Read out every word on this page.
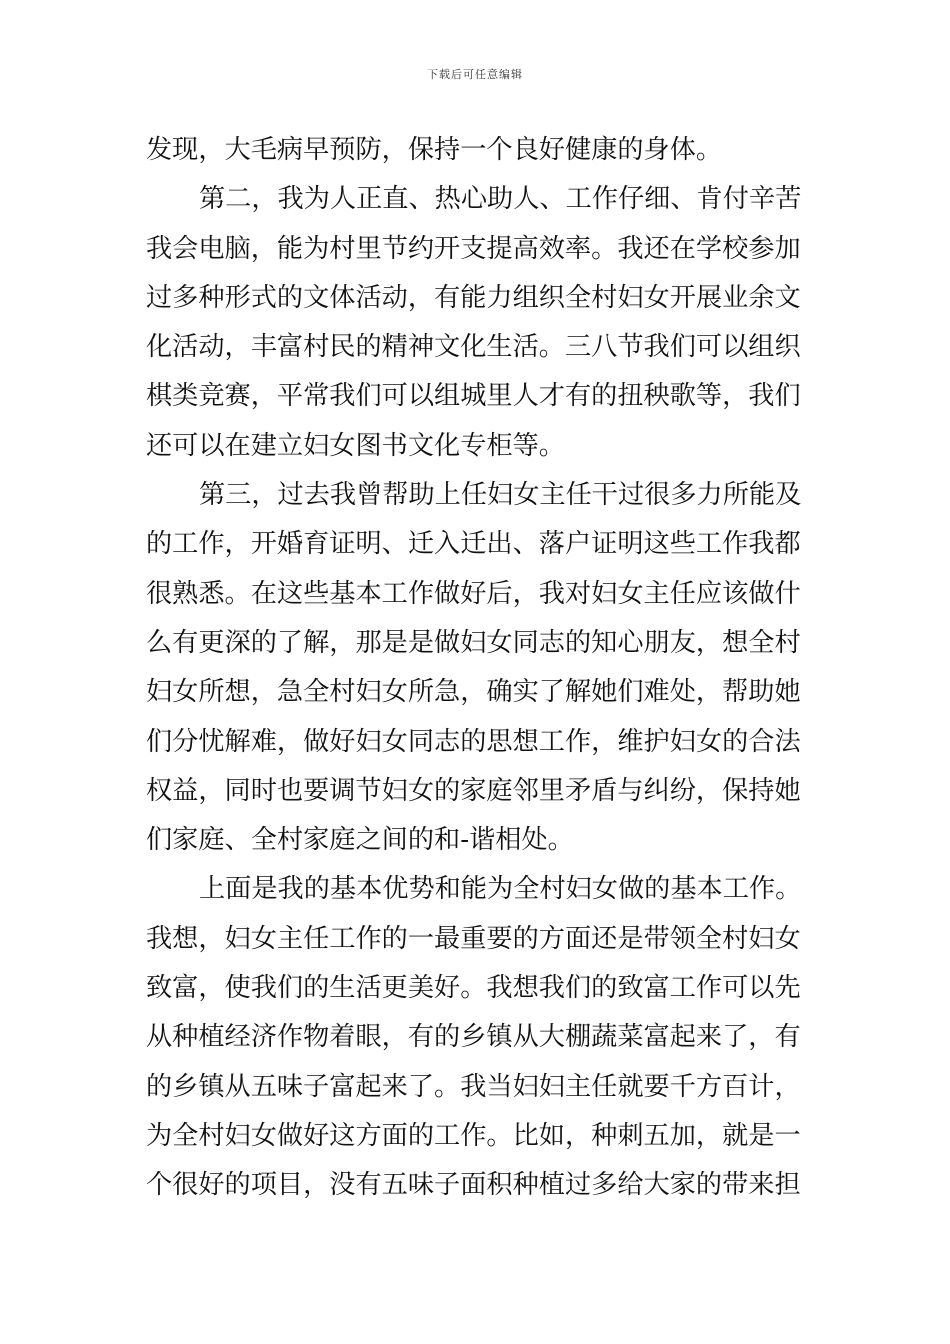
下载后可任意编辑
发现，大毛病早预防，保持一个良好健康的身体。
第二，我为人正直、热心助人、工作仔细、肯付辛苦
我会电脑，能为村里节约开支提高效率。我还在学校参加
过多种形式的文体活动，有能力组织全村妇女开展业余文
化活动，丰富村民的精神文化生活。三八节我们可以组织
棋类竞赛，平常我们可以组城里人才有的扭秧歌等，我们
还可以在建立妇女图书文化专柜等。
第三，过去我曾帮助上任妇女主任干过很多力所能及
的工作，开婚育证明、迁入迁出、落户证明这些工作我都
很熟悉。在这些基本工作做好后，我对妇女主任应该做什
么有更深的了解，那是是做妇女同志的知心朋友，想全村
妇女所想，急全村妇女所急，确实了解她们难处，帮助她
们分忧解难，做好妇女同志的思想工作，维护妇女的合法
权益，同时也要调节妇女的家庭邻里矛盾与纠纷，保持她
们家庭、全村家庭之间的和-谐相处。
上面是我的基本优势和能为全村妇女做的基本工作。
我想，妇女主任工作的一最重要的方面还是带领全村妇女
致富，使我们的生活更美好。我想我们的致富工作可以先
从种植经济作物着眼，有的乡镇从大棚蔬菜富起来了，有
的乡镇从五味子富起来了。我当妇妇主任就要千方百计，
为全村妇女做好这方面的工作。比如，种刺五加，就是一
个很好的项目，没有五味子面积种植过多给大家的带来担
